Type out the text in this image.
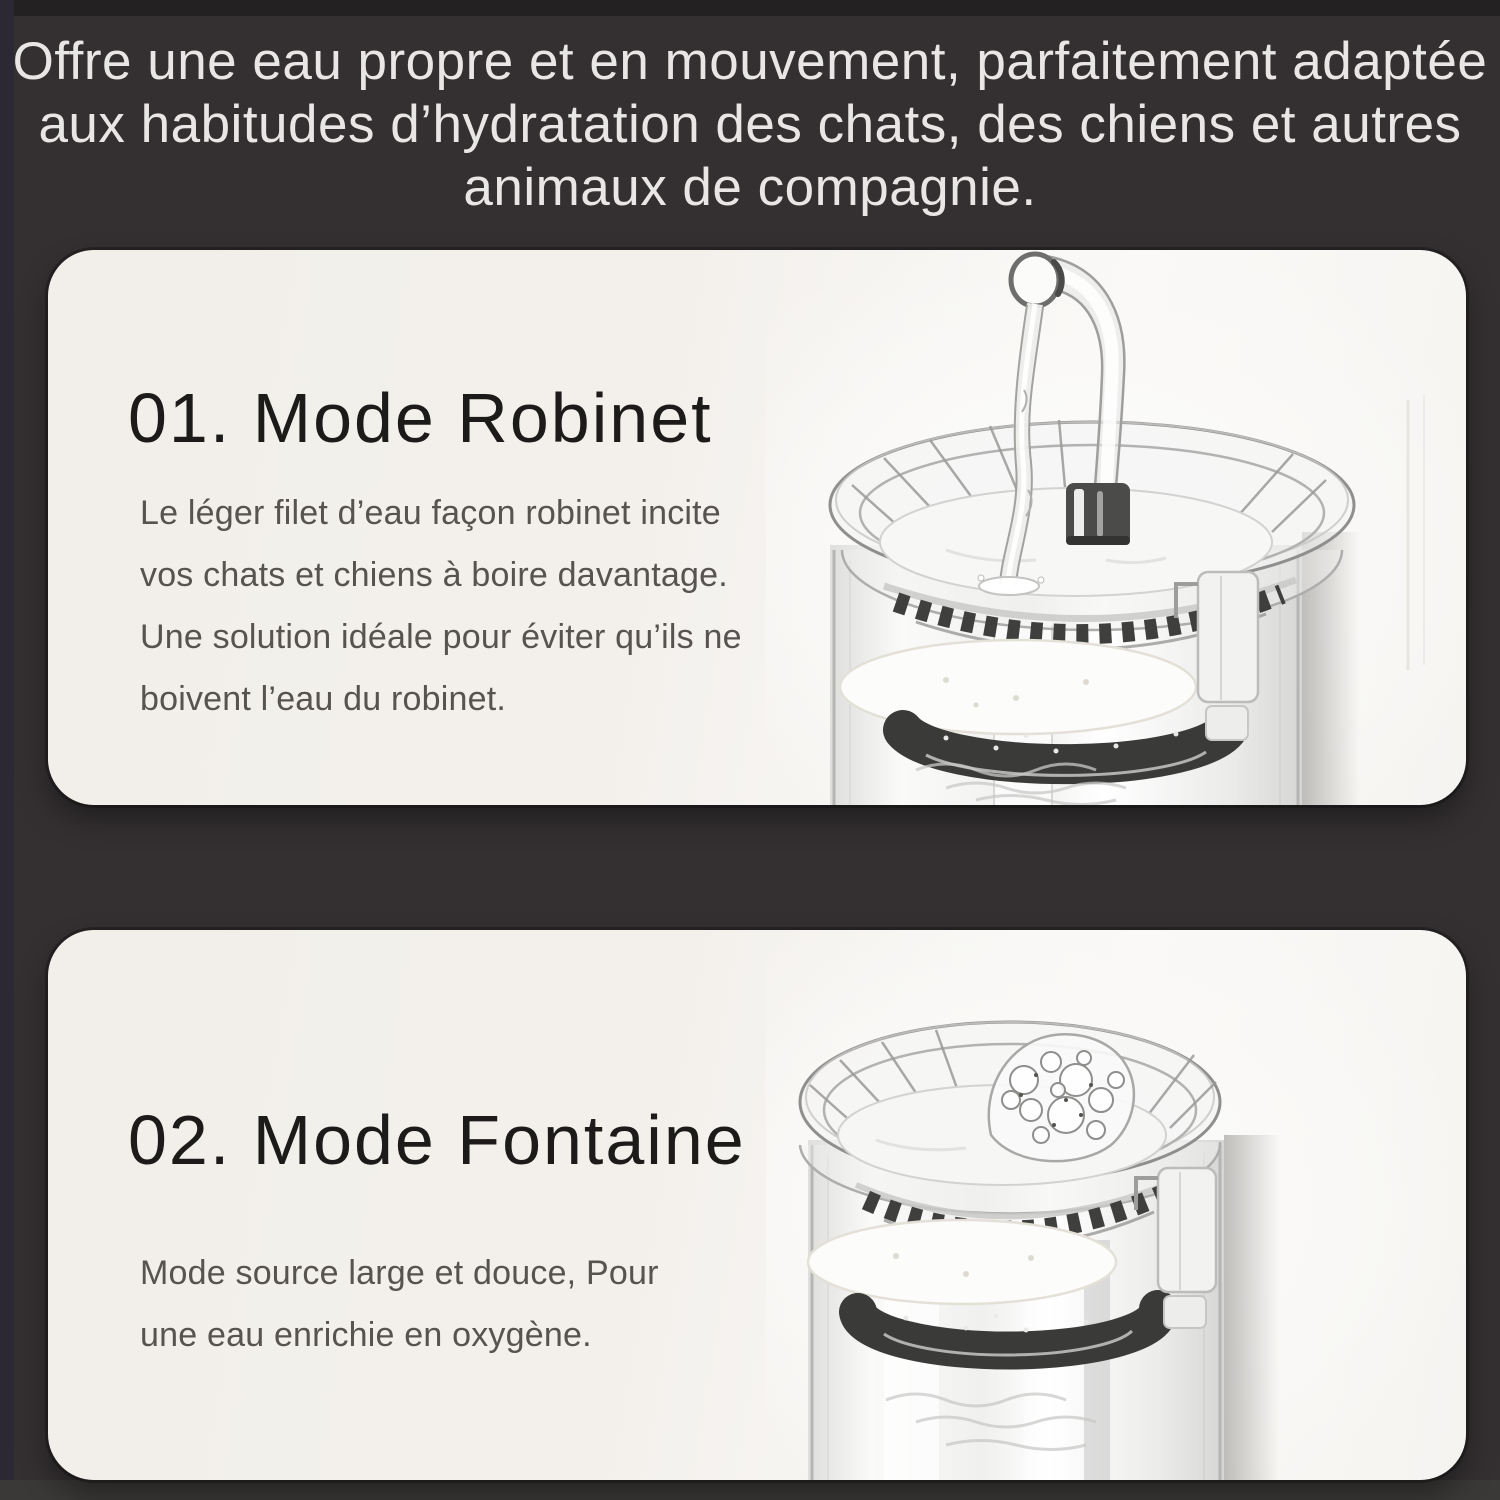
Offre une eau propre et en mouvement, parfaitement adaptée
aux habitudes d’hydratation des chats, des chiens et autres
animaux de compagnie.
01. Mode Robinet

Le léger filet d’eau façon robinet incite
vos chats et chiens à boire davantage.
Une solution idéale pour éviter qu’ils ne
boivent l’eau du robinet.

02. Mode Fontaine

Mode source large et douce, Pour
une eau enrichie en oxygène.
